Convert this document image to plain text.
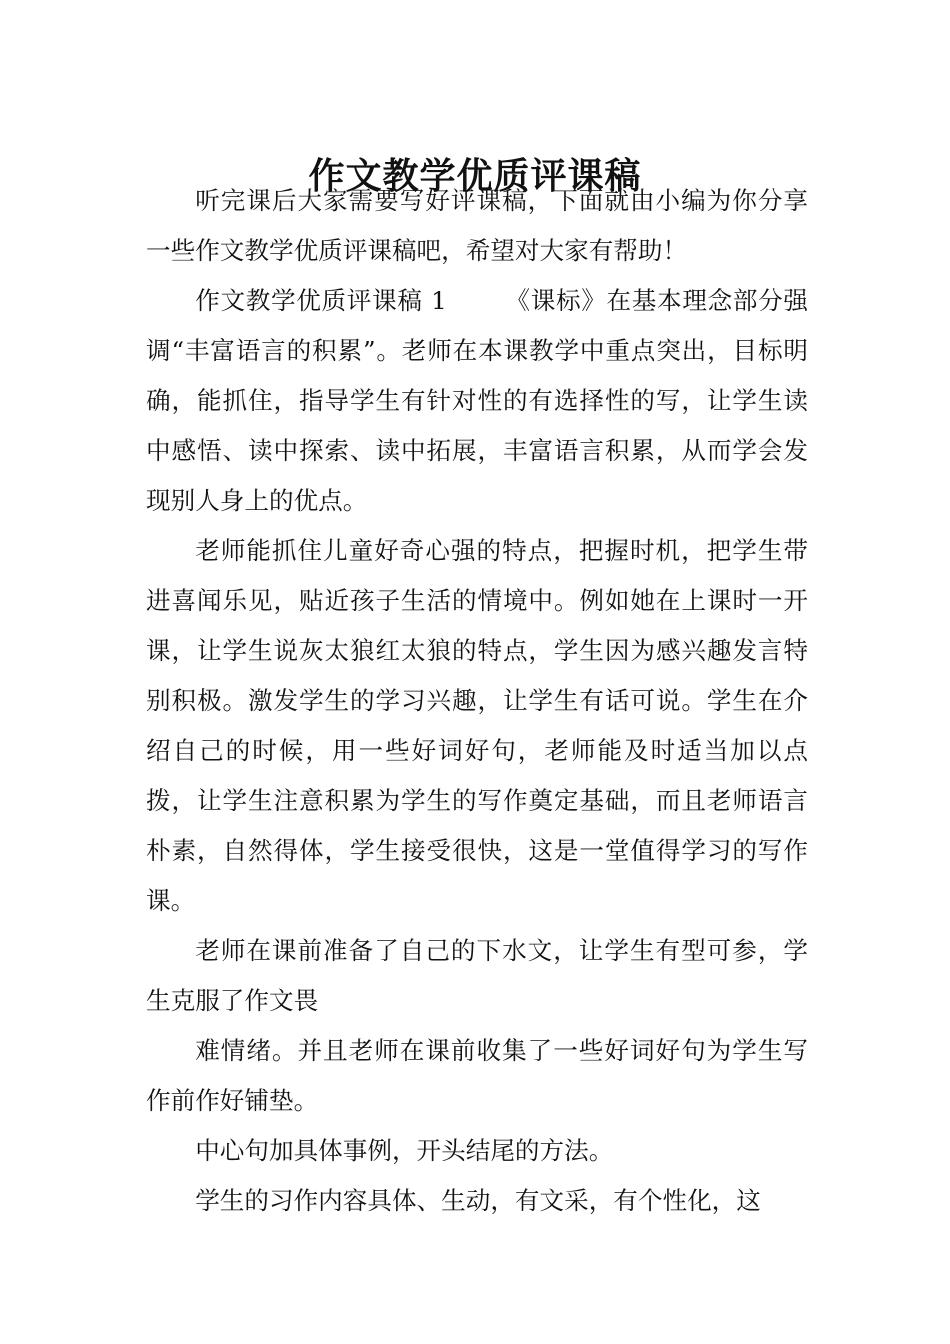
作文教学优质评课稿

听完课后大家需要写好评课稿，下面就由小编为你分享一些作文教学优质评课稿吧，希望对大家有帮助！

作文教学优质评课稿 1 《课标》在基本理念部分强调“丰富语言的积累”。老师在本课教学中重点突出，目标明确，能抓住，指导学生有针对性的有选择性的写，让学生读中感悟、读中探索、读中拓展，丰富语言积累，从而学会发现别人身上的优点。

老师能抓住儿童好奇心强的特点，把握时机，把学生带进喜闻乐见，贴近孩子生活的情境中。例如她在上课时一开课，让学生说灰太狼红太狼的特点，学生因为感兴趣发言特别积极。激发学生的学习兴趣，让学生有话可说。学生在介绍自己的时候，用一些好词好句，老师能及时适当加以点拨，让学生注意积累为学生的写作奠定基础，而且老师语言朴素，自然得体，学生接受很快，这是一堂值得学习的写作课。

老师在课前准备了自己的下水文，让学生有型可参，学生克服了作文畏

难情绪。并且老师在课前收集了一些好词好句为学生写作前作好铺垫。

中心句加具体事例，开头结尾的方法。

学生的习作内容具体、生动，有文采，有个性化，这
